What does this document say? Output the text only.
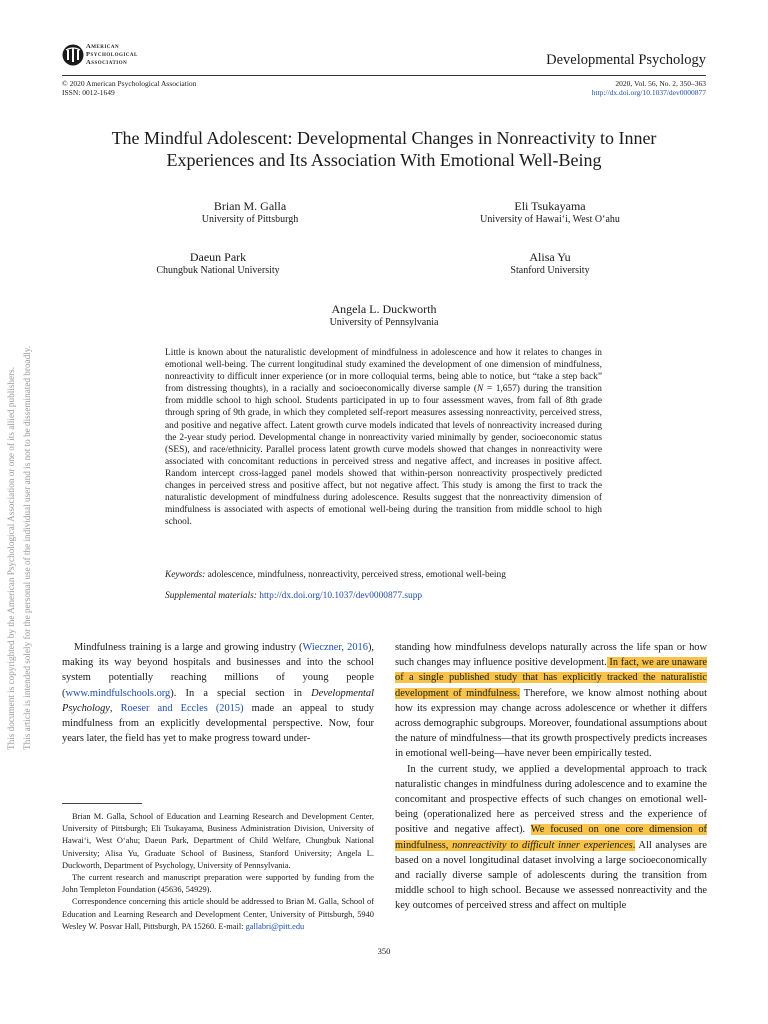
American
Psychological
Association	Developmental Psychology
© 2020 American Psychological Association
ISSN: 0012-1649
2020, Vol. 56, No. 2, 350–363
http://dx.doi.org/10.1037/dev0000877
The Mindful Adolescent: Developmental Changes in Nonreactivity to Inner
Experiences and Its Association With Emotional Well-Being
Brian M. Galla
University of Pittsburgh
Eli Tsukayama
University of Hawai‘i, West O‘ahu
Daeun Park
Chungbuk National University
Alisa Yu
Stanford University
Angela L. Duckworth
University of Pennsylvania
Little is known about the naturalistic development of mindfulness in adolescence and how it relates to changes in emotional well-being. The current longitudinal study examined the development of one dimension of mindfulness, nonreactivity to difficult inner experience (or in more colloquial terms, being able to notice, but “take a step back” from distressing thoughts), in a racially and socioeconomically diverse sample (N = 1,657) during the transition from middle school to high school. Students participated in up to four assessment waves, from fall of 8th grade through spring of 9th grade, in which they completed self-report measures assessing nonreactivity, perceived stress, and positive and negative affect. Latent growth curve models indicated that levels of nonreactivity increased during the 2-year study period. Developmental change in nonreactivity varied minimally by gender, socioeconomic status (SES), and race/ethnicity. Parallel process latent growth curve models showed that changes in nonreactivity were associated with concomitant reductions in perceived stress and negative affect, and increases in positive affect. Random intercept cross-lagged panel models showed that within-person nonreactivity prospectively predicted changes in perceived stress and positive affect, but not negative affect. This study is among the first to track the naturalistic development of mindfulness during adolescence. Results suggest that the nonreactivity dimension of mindfulness is associated with aspects of emotional well-being during the transition from middle school to high school.
Keywords: adolescence, mindfulness, nonreactivity, perceived stress, emotional well-being
Supplemental materials: http://dx.doi.org/10.1037/dev0000877.supp

Mindfulness training is a large and growing industry (Wieczner, 2016), making its way beyond hospitals and businesses and into the school system potentially reaching millions of young people (www.mindfulschools.org). In a special section in Developmental Psychology, Roeser and Eccles (2015) made an appeal to study mindfulness from an explicitly developmental perspective. Now, four years later, the field has yet to make progress toward under-

standing how mindfulness develops naturally across the life span or how such changes may influence positive development. In fact, we are unaware of a single published study that has explicitly tracked the naturalistic development of mindfulness. Therefore, we know almost nothing about how its expression may change across adolescence or whether it differs across demographic subgroups. Moreover, foundational assumptions about the nature of mindfulness—that its growth prospectively predicts increases in emotional well-being—have never been empirically tested.

In the current study, we applied a developmental approach to track naturalistic changes in mindfulness during adolescence and to examine the concomitant and prospective effects of such changes on emotional well-being (operationalized here as perceived stress and the experience of positive and negative affect). We focused on one core dimension of mindfulness, nonreactivity to difficult inner experiences. All analyses are based on a novel longitudinal dataset involving a large socioeconomically and racially diverse sample of adolescents during the transition from middle school to high school. Because we assessed nonreactivity and the key outcomes of perceived stress and affect on multiple

Brian M. Galla, School of Education and Learning Research and Development Center, University of Pittsburgh; Eli Tsukayama, Business Administration Division, University of Hawai‘i, West O‘ahu; Daeun Park, Department of Child Welfare, Chungbuk National University; Alisa Yu, Graduate School of Business, Stanford University; Angela L. Duckworth, Department of Psychology, University of Pennsylvania.

The current research and manuscript preparation were supported by funding from the John Templeton Foundation (45636, 54929).

Correspondence concerning this article should be addressed to Brian M. Galla, School of Education and Learning Research and Development Center, University of Pittsburgh, 5940 Wesley W. Posvar Hall, Pittsburgh, PA 15260. E-mail: gallabri@pitt.edu

350
This document is copyrighted by the American Psychological Association or one of its allied publishers. This article is intended solely for the personal use of the individual user and is not to be disseminated broadly.
